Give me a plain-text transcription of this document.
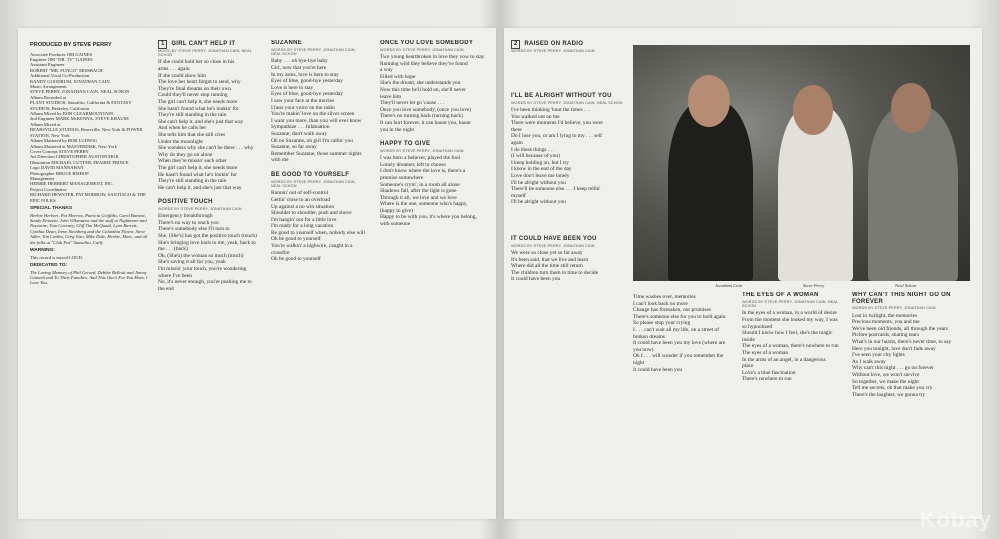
PRODUCED BY STEVE PERRY
Associate Producer JIM GAINES
Engineer JIM "DR. TV" GAINES
Assistant Engineer
ROBERT "MR. FUNGO" MISSBACH
Additional Vocal Co-Production
RANDY GOODRUM, JONATHAN CAIN
Music Arrangement
STEVE PERRY, JONATHAN CAIN, NEAL SCHON
Album Recorded at
PLANT STUDIOS, Sausalito, California & FANTASY STUDIOS, Berkeley, California
Album Mixed by BOB CLEARMOUNTAIN
2nd Engineer MARK McKENNA, STEVE KRAUSE
Album Mixed at
BEARSVILLE STUDIOS, Bearsville, New York & POWER STATION, New York
Album Mastered by BOB LUDWIG
Album Mastered at MASTERDISK, New York
Cover Concept STEVE PERRY
Art Direction CHRISTOPHER AUSTOPCHUK
Illustration MICHAEL CUTTER, FRAIRIE PRINCE
Logo DAVID MANNAHAN
Photographer BRUCE BISHOP
Management
HERBIE HERBERT MANAGEMENT, INC.
Project Coordinator
RICHARD HEWSTER, PAT MORROW, SANTIAGO & THE EPIC FOLKS
SPECIAL THANKS
Herbie Herbert, Pat Morrow, Patricia Griffiths, Carol Barnett, Sandy Einstein, John Villanueva and the staff at Nightmare and Nocturne, Tom Caveney, Cliff Tim McQuaid, Lynn Barrett, Cynthia Dean, Irene Steinberg and the Columbia Flavor, Steve Adler, Tim Caitlin, Greg Toto, Mike Dale, Herbie, Marc, and all the folks at "Club Fed" Sausalito, Calif.
WARNING:
This record is mixed LOUD.
DEDICATED TO:
The Loving Memory of Phil Gerard, Debbie Bellotti and Jimmy Gianetti and To Their Families. And This One's For You Mom. I Love You.
1 GIRL CAN'T HELP IT
MUSIC BY STEVE PERRY, JONATHAN CAIN, NEAL SCHON
If she could hold her so close in his
arms . . . again
If she could show him
The love her heart forgot to send, why
They're final dreams on their own
Could they'll never stop running
The girl can't help it, she needs more
She hasn't found what he's lookin' for
They're still standing in the rain
She can't help it, and she's just that way
And when he calls her
She tells him that she still cries
Under the moonlight
She wonders why she can't be there . . . why
Why do they go on alone
When they're missin' each other
The girl can't help it, she needs more
He hasn't found what he's lookin' for
They're still standing in the rain
He can't help it, and she's just that way
POSITIVE TOUCH
WORDS BY STEVE PERRY, JONATHAN CAIN
Emergency breakthrough
There's no way to reach you
There's somebody else I'll turn to
She, (She's) has got the positive touch (touch)
She's bringing love back to me, yeah, back to
me . . . (back)
Oh, (She's) the woman so much (much)
She's saving it all for you, yeah
I'm missin' your touch, you're wondering
where I've been
No, it's never enough, you're pushing me to
the end
SUZANNE
WORDS BY STEVE PERRY, JONATHAN CAIN, NEAL SCHON
Baby . . . oh bye-bye baby
Girl, now that you're here
In my arms, love is here to stay
Eyes of blue, good-bye yesterday
Love is here to stay
Eyes of blue, good-bye yesterday
I saw your face at the movies
I hear your voice on the radio
You're makin' love on the silver screen
I want you more, than you will ever know
Sympathize . . . Infatuation
Suzanne, don't walk away
Oh no Suzanne, oh girl I'm callin' you
Suzanne, so far away
Remember Suzanne, those summer nights
with me
BE GOOD TO YOURSELF
WORDS BY STEVE PERRY, JONATHAN CAIN, NEAL SCHON
Runnin' out of self-control
Gettin' close to an overload
Up against a no win situation
Shoulder to shoulder, push and shove
I'm hangin' out for a little love
I'm ready for a long vacation
Be good to yourself when, nobody else will
Oh be good to yourself
You're walkin' a highwire, caught in a crossfire
Oh be good to yourself
ONCE YOU LOVE SOMEBODY
WORDS BY STEVE PERRY, JONATHAN CAIN
Two young heartbroken in love they vow to stay
Running wild they believe they've found
a way
Filled with hope
She's the dream, she understands you
Now this time he'll hold on, she'll never
leave him
They'll never let go 'cause . . .
Once you love somebody, (once you love)
There's no turning back (turning back)
It can hurt forever, it can haunt you, haunt
you in the night
HAPPY TO GIVE
WORDS BY STEVE PERRY, JONATHAN CAIN
I was born a believer, played the fool
Lonely dreamer, left to choose
I don't know where the love is, there's a
promise somewhere
Someone's cryin', in a room all alone
Shadows fall, after the light is gone
Through it all, we love and we love
Where is the one, someone who's happy,
(happy to give)
Happy to be with you, it's where you belong,
with someone
2 RAISED ON RADIO
WORDS BY STEVE PERRY, JONATHAN CAIN
I'LL BE ALRIGHT WITHOUT YOU
WORDS BY STEVE PERRY, JONATHAN CAIN, NEAL SCHON
I've been thinking 'bout the times . . .
You walked out on me
There were moments I'd believe, you were
there
Do I lose you, or am I lying to my . . . self
again
I do these things . . .
(I will because of you)
I keep holding on, but I try
I know in the end of the day
Love don't leave me lonely
I'll be alright without you
There'll be someone else . . . I keep tellin'
myself
I'll be alright without you
IT COULD HAVE BEEN YOU
WORDS BY STEVE PERRY, JONATHAN CAIN
We were so close yet so far away
It's been said, that we live and learn
Where did all the time still return
The children turn them in time to decide
It could have been you
Jonathan Cain	Steve Perry	Neal Schon
Time washes over, memories
I can't look back no more
Change has foresaken, our promises
There's someone else for you to hold again
So please stop your crying
I . . . can't wait all my life, on a street of
broken dreams
It could have been you my love (where are
you now)
Oh I . . . will wonder if you remember the
night
It could have been you
THE EYES OF A WOMAN
WORDS BY STEVE PERRY, JONATHAN CAIN, NEAL SCHON
In the eyes of a woman, in a world of desire
From the moment she looked my way, I was
so hypnotized
Should I know how I feel, she's the magic
inside
The eyes of a woman, there's nowhere to run
The eyes of a woman
In the arms of an angel, in a dangerous
place
Love's a blue fascination
There's nowhere to run
WHY CAN'T THIS NIGHT GO ON FOREVER
WORDS BY STEVE PERRY, JONATHAN CAIN
Lost in twilight, the memories
Precious moments, you and me
We've been old friends, all through the years
Picture postcards, sharing tears
What's in our hearts, there's never time, to say
Here you tonight, love don't fade away
I've seen your city lights
As I walk away
Why can't this night . . . go on forever
Without love, we won't survive
So together, we make the night
Tell me secrets, oh that make you cry
There's the laughter, we gonna try
Kobay
